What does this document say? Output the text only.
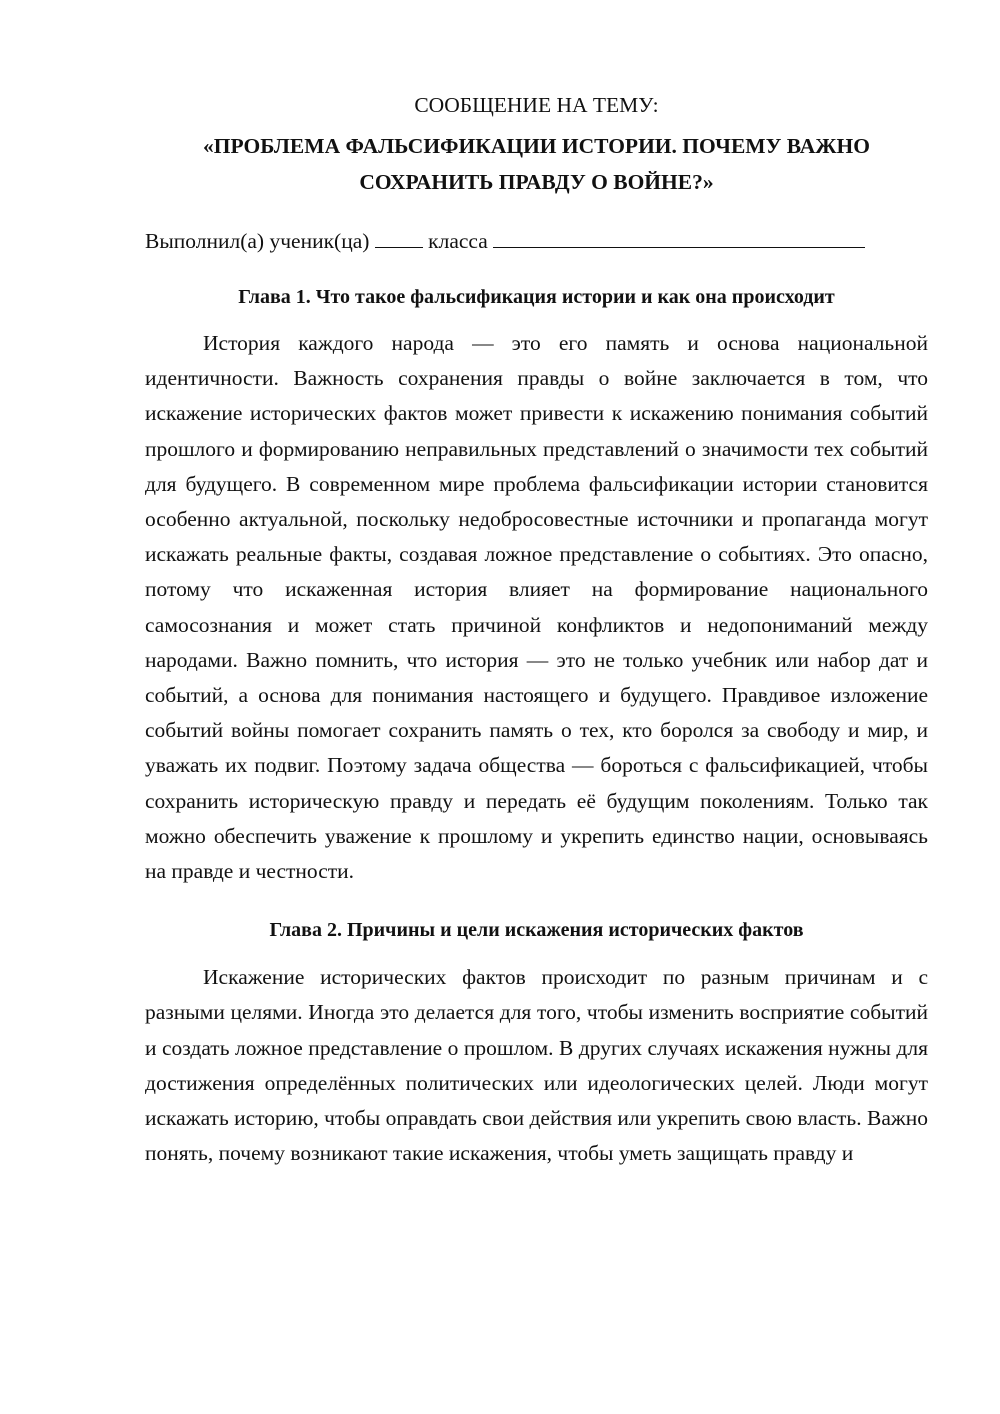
СООБЩЕНИЕ НА ТЕМУ:

«ПРОБЛЕМА ФАЛЬСИФИКАЦИИ ИСТОРИИ. ПОЧЕМУ ВАЖНО
СОХРАНИТЬ ПРАВДУ О ВОЙНЕ?»

Выполнил(а) ученик(ца)	класса

Глава 1. Что такое фальсификация истории и как она происходит

История каждого народа — это его память и основа национальной идентичности. Важность сохранения правды о войне заключается в том, что искажение исторических фактов может привести к искажению понимания событий прошлого и формированию неправильных представлений о значимости тех событий для будущего. В современном мире проблема фальсификации истории становится особенно актуальной, поскольку недобросовестные источники и пропаганда могут искажать реальные факты, создавая ложное представление о событиях. Это опасно, потому что искаженная история влияет на формирование национального самосознания и может стать причиной конфликтов и недопониманий между народами. Важно помнить, что история — это не только учебник или набор дат и событий, а основа для понимания настоящего и будущего. Правдивое изложение событий войны помогает сохранить память о тех, кто боролся за свободу и мир, и уважать их подвиг. Поэтому задача общества — бороться с фальсификацией, чтобы сохранить историческую правду и передать её будущим поколениям. Только так можно обеспечить уважение к прошлому и укрепить единство нации, основываясь на правде и честности.

Глава 2. Причины и цели искажения исторических фактов

Искажение исторических фактов происходит по разным причинам и с разными целями. Иногда это делается для того, чтобы изменить восприятие событий и создать ложное представление о прошлом. В других случаях искажения нужны для достижения определённых политических или идеологических целей. Люди могут искажать историю, чтобы оправдать свои действия или укрепить свою власть. Важно понять, почему возникают такие искажения, чтобы уметь защищать правду и
